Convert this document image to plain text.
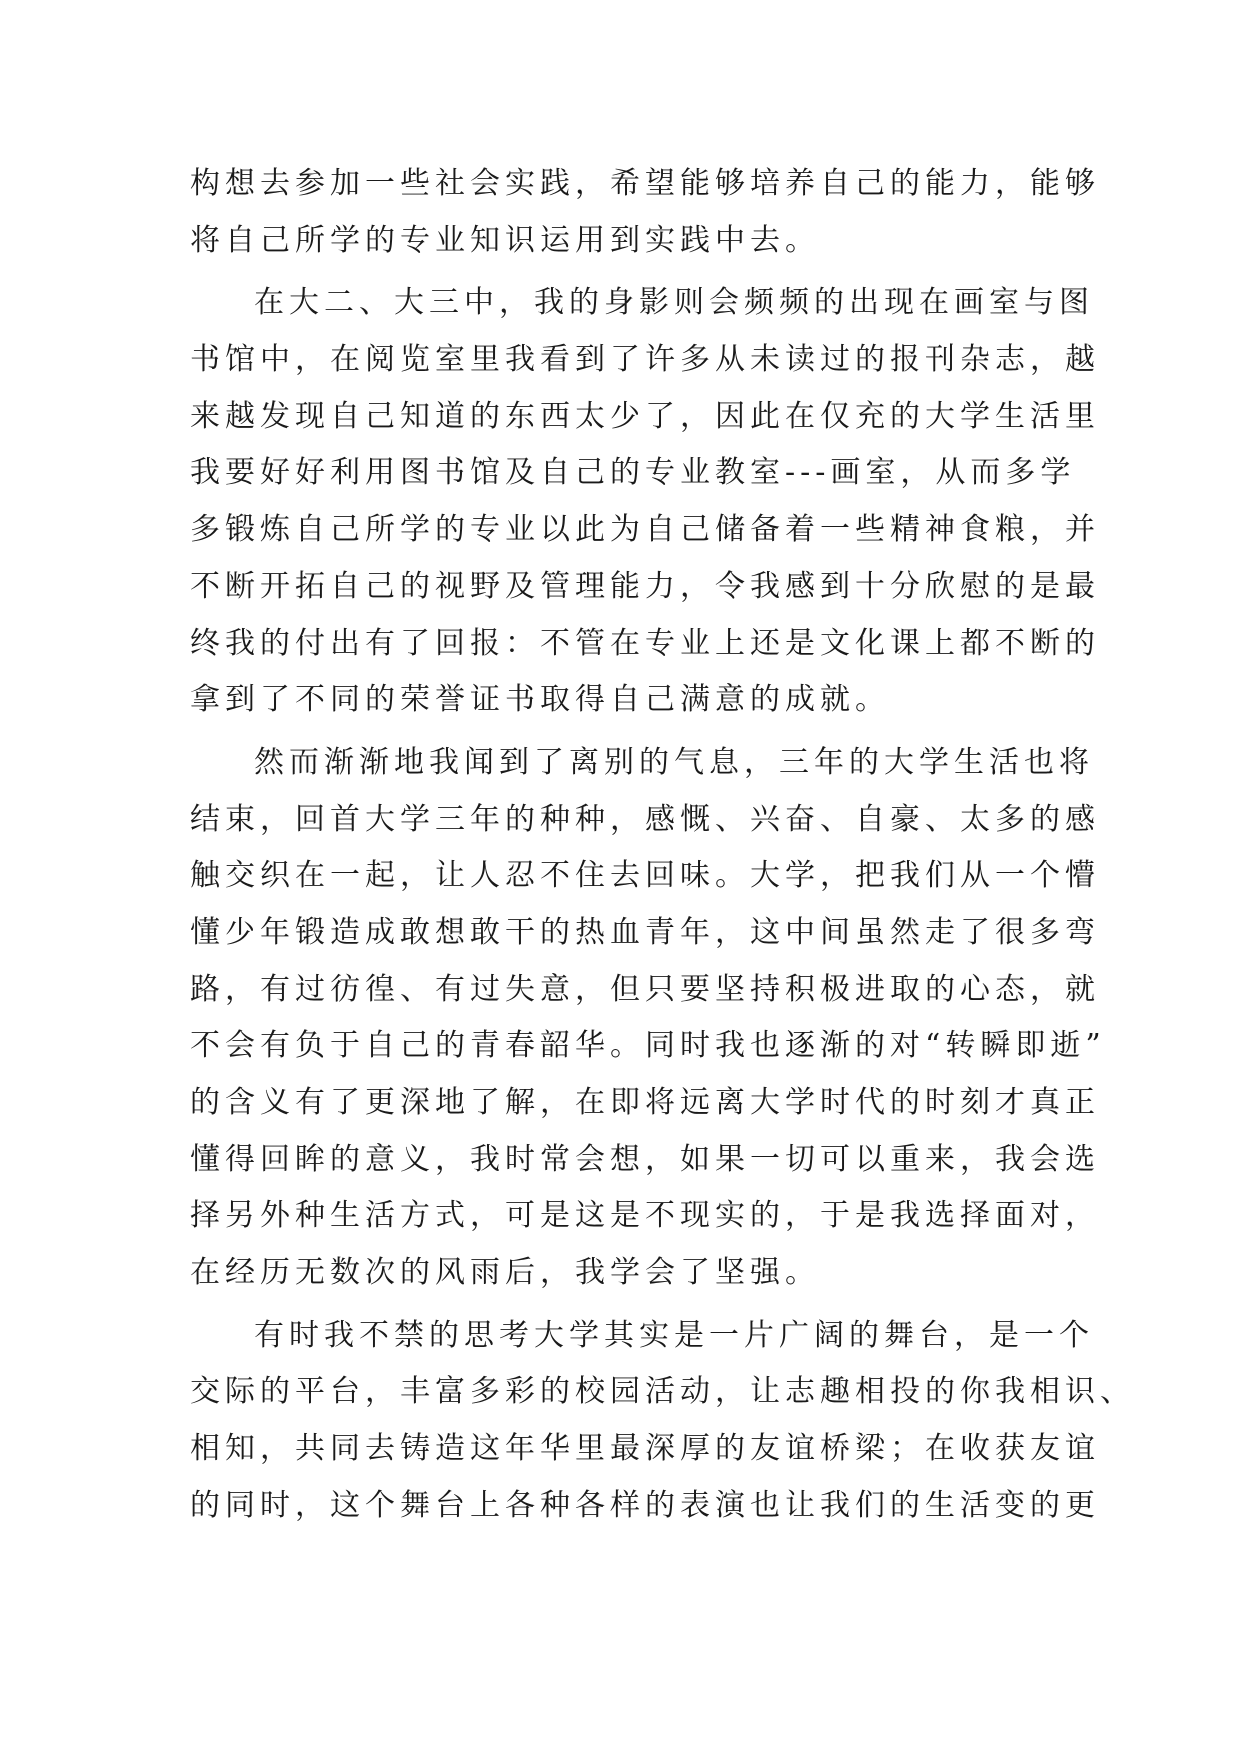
构想去参加一些社会实践，希望能够培养自己的能力，能够
将自己所学的专业知识运用到实践中去。
在大二、大三中，我的身影则会频频的出现在画室与图
书馆中，在阅览室里我看到了许多从未读过的报刊杂志，越
来越发现自己知道的东西太少了，因此在仅充的大学生活里
我要好好利用图书馆及自己的专业教室---画室，从而多学
多锻炼自己所学的专业以此为自己储备着一些精神食粮，并
不断开拓自己的视野及管理能力，令我感到十分欣慰的是最
终我的付出有了回报：不管在专业上还是文化课上都不断的
拿到了不同的荣誉证书取得自己满意的成就。
然而渐渐地我闻到了离别的气息，三年的大学生活也将
结束，回首大学三年的种种，感慨、兴奋、自豪、太多的感
触交织在一起，让人忍不住去回味。大学，把我们从一个懵
懂少年锻造成敢想敢干的热血青年，这中间虽然走了很多弯
路，有过彷徨、有过失意，但只要坚持积极进取的心态，就
不会有负于自己的青春韶华。同时我也逐渐的对“转瞬即逝”
的含义有了更深地了解，在即将远离大学时代的时刻才真正
懂得回眸的意义，我时常会想，如果一切可以重来，我会选
择另外种生活方式，可是这是不现实的，于是我选择面对，
在经历无数次的风雨后，我学会了坚强。
有时我不禁的思考大学其实是一片广阔的舞台，是一个
交际的平台，丰富多彩的校园活动，让志趣相投的你我相识、
相知，共同去铸造这年华里最深厚的友谊桥梁；在收获友谊
的同时，这个舞台上各种各样的表演也让我们的生活变的更
